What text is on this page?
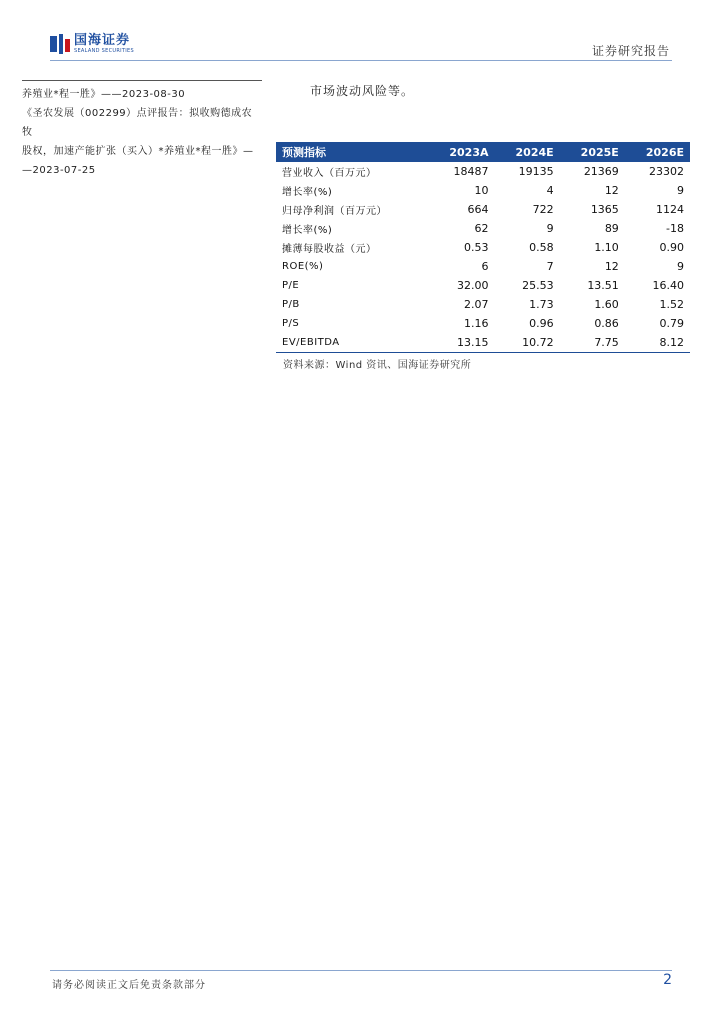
国海证券
SEALAND SECURITIES	证券研究报告
养殖业*程一胜》——2023-08-30
《圣农发展（002299）点评报告：拟收购德成农牧
股权，加速产能扩张（买入）*养殖业*程一胜》—
—2023-07-25
市场波动风险等。
预测指标	2023A	2024E	2025E	2026E
营业收入（百万元）	18487	19135	21369	23302
增长率(%)	10	4	12	9
归母净利润（百万元）	664	722	1365	1124
增长率(%)	62	9	89	-18
摊薄每股收益（元）	0.53	0.58	1.10	0.90
ROE(%)	6	7	12	9
P/E	32.00	25.53	13.51	16.40
P/B	2.07	1.73	1.60	1.52
P/S	1.16	0.96	0.86	0.79
EV/EBITDA	13.15	10.72	7.75	8.12
资料来源：Wind 资讯、国海证券研究所
请务必阅读正文后免责条款部分	2
